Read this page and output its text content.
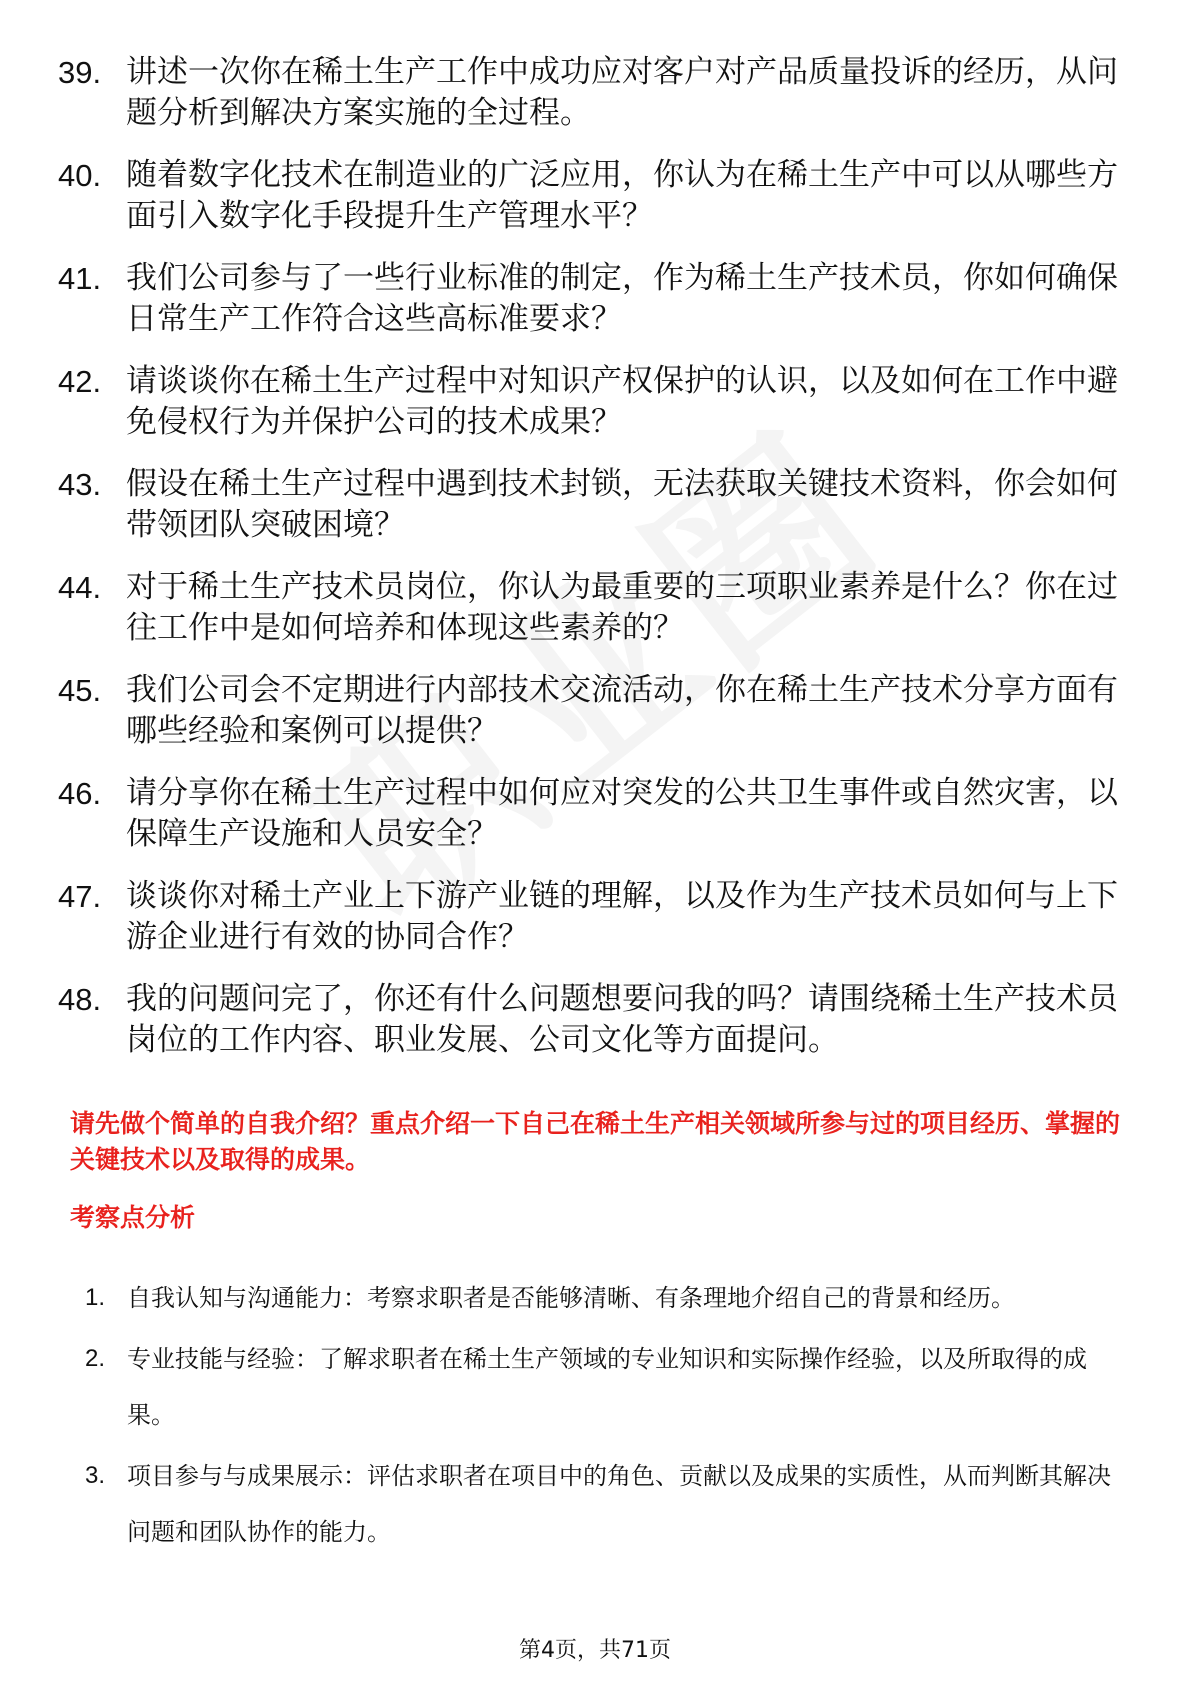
39. 讲述一次你在稀土生产工作中成功应对客户对产品质量投诉的经历，从问题分析到解决方案实施的全过程。
40. 随着数字化技术在制造业的广泛应用，你认为在稀土生产中可以从哪些方面引入数字化手段提升生产管理水平？
41. 我们公司参与了一些行业标准的制定，作为稀土生产技术员，你如何确保日常生产工作符合这些高标准要求？
42. 请谈谈你在稀土生产过程中对知识产权保护的认识，以及如何在工作中避免侵权行为并保护公司的技术成果？
43. 假设在稀土生产过程中遇到技术封锁，无法获取关键技术资料，你会如何带领团队突破困境？
44. 对于稀土生产技术员岗位，你认为最重要的三项职业素养是什么？你在过往工作中是如何培养和体现这些素养的？
45. 我们公司会不定期进行内部技术交流活动，你在稀土生产技术分享方面有哪些经验和案例可以提供？
46. 请分享你在稀土生产过程中如何应对突发的公共卫生事件或自然灾害，以保障生产设施和人员安全？
47. 谈谈你对稀土产业上下游产业链的理解，以及作为生产技术员如何与上下游企业进行有效的协同合作？
48. 我的问题问完了，你还有什么问题想要问我的吗？请围绕稀土生产技术员岗位的工作内容、职业发展、公司文化等方面提问。
请先做个简单的自我介绍？重点介绍一下自己在稀土生产相关领域所参与过的项目经历、掌握的关键技术以及取得的成果。
考察点分析
1. 自我认知与沟通能力：考察求职者是否能够清晰、有条理地介绍自己的背景和经历。
2. 专业技能与经验：了解求职者在稀土生产领域的专业知识和实际操作经验，以及所取得的成果。
3. 项目参与与成果展示：评估求职者在项目中的角色、贡献以及成果的实质性，从而判断其解决问题和团队协作的能力。
第4页，共71页
